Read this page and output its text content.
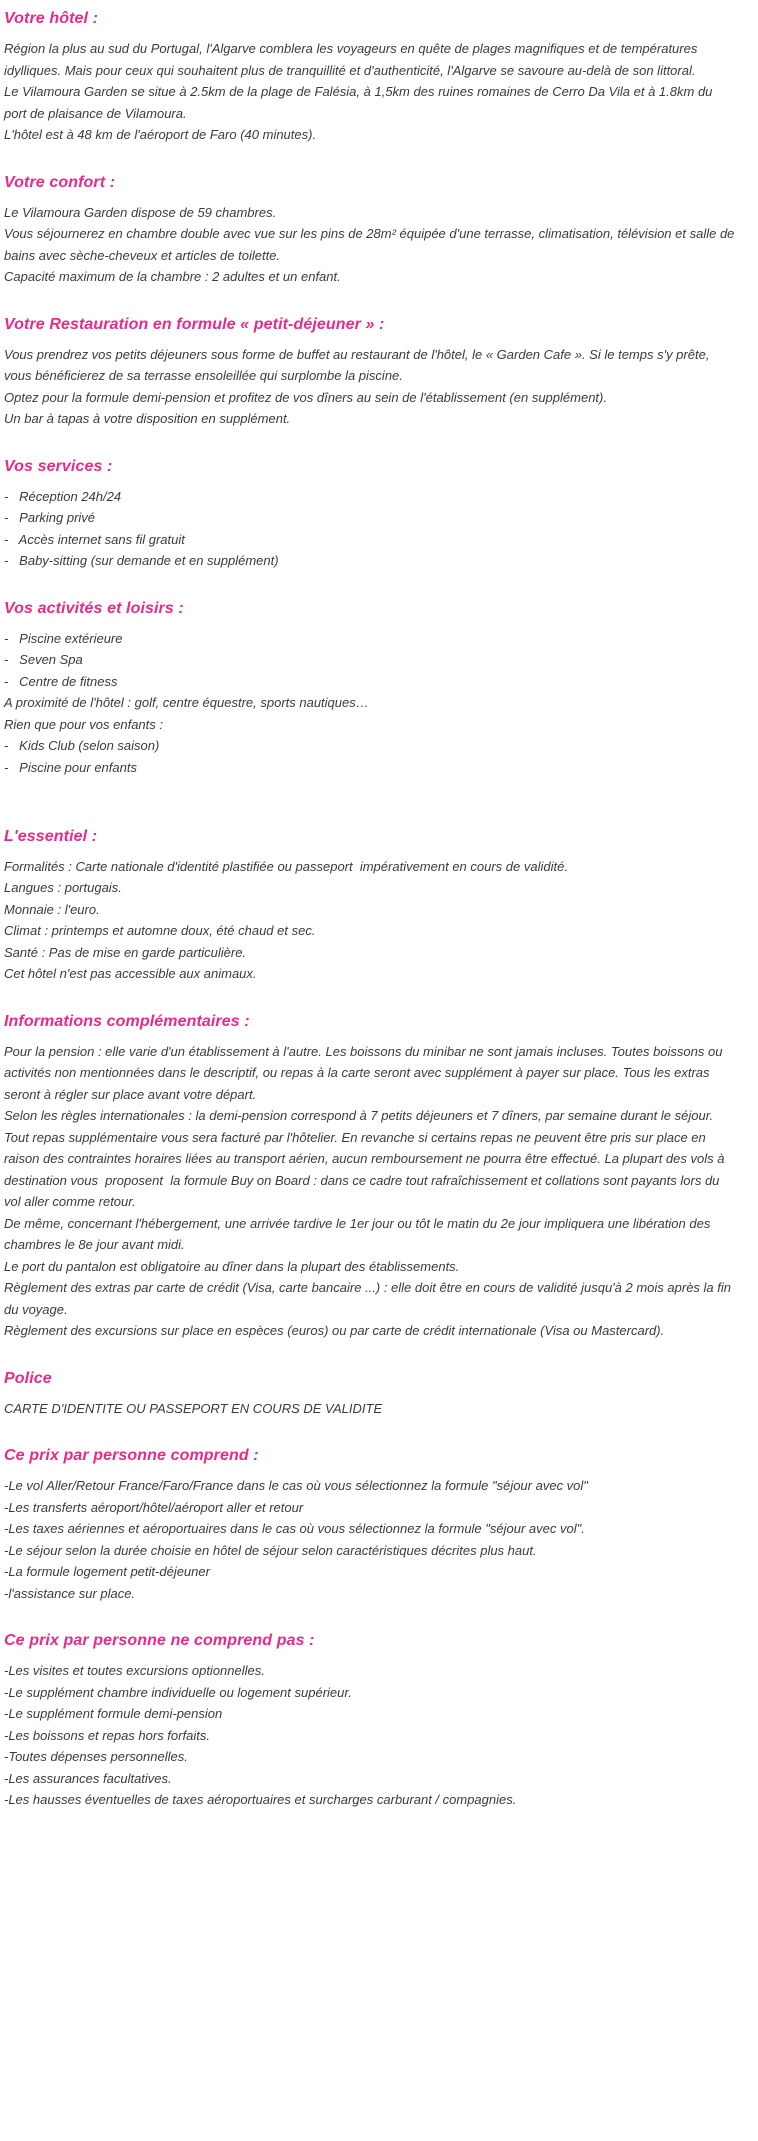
Votre hôtel :

Région la plus au sud du Portugal, l'Algarve comblera les voyageurs en quête de plages magnifiques et de températures idylliques. Mais pour ceux qui souhaitent plus de tranquillité et d'authenticité, l'Algarve se savoure au-delà de son littoral.

Le Vilamoura Garden se situe à 2.5km de la plage de Falésia, à 1,5km des ruines romaines de Cerro Da Vila et à 1.8km du port de plaisance de Vilamoura.

L'hôtel est à 48 km de l'aéroport de Faro (40 minutes).

Votre confort :

Le Vilamoura Garden dispose de 59 chambres.

Vous séjournerez en chambre double avec vue sur les pins de 28m² équipée d'une terrasse, climatisation, télévision et salle de bains avec sèche-cheveux et articles de toilette.

Capacité maximum de la chambre : 2 adultes et un enfant.

Votre Restauration en formule « petit-déjeuner » :

Vous prendrez vos petits déjeuners sous forme de buffet au restaurant de l'hôtel, le « Garden Cafe ». Si le temps s'y prête, vous bénéficierez de sa terrasse ensoleillée qui surplombe la piscine.

Optez pour la formule demi-pension et profitez de vos dîners au sein de l'établissement (en supplément).

Un bar à tapas à votre disposition en supplément.

Vos services :

-   Réception 24h/24

-   Parking privé

-   Accès internet sans fil gratuit

-   Baby-sitting (sur demande et en supplément)

Vos activités et loisirs :

-   Piscine extérieure

-   Seven Spa

-   Centre de fitness

A proximité de l'hôtel : golf, centre équestre, sports nautiques…

Rien que pour vos enfants :

-   Kids Club (selon saison)

-   Piscine pour enfants

L'essentiel :

Formalités : Carte nationale d'identité plastifiée ou passeport  impérativement en cours de validité.

Langues : portugais.

Monnaie : l'euro.

Climat : printemps et automne doux, été chaud et sec.

Santé : Pas de mise en garde particulière.

Cet hôtel n'est pas accessible aux animaux.

Informations complémentaires :

Pour la pension : elle varie d'un établissement à l'autre. Les boissons du minibar ne sont jamais incluses. Toutes boissons ou activités non mentionnées dans le descriptif, ou repas à la carte seront avec supplément à payer sur place. Tous les extras seront à régler sur place avant votre départ.

Selon les règles internationales : la demi-pension correspond à 7 petits déjeuners et 7 dîners, par semaine durant le séjour. Tout repas supplémentaire vous sera facturé par l'hôtelier. En revanche si certains repas ne peuvent être pris sur place en raison des contraintes horaires liées au transport aérien, aucun remboursement ne pourra être effectué. La plupart des vols à destination vous  proposent  la formule Buy on Board : dans ce cadre tout rafraîchissement et collations sont payants lors du vol aller comme retour.

De même, concernant l'hébergement, une arrivée tardive le 1er jour ou tôt le matin du 2e jour impliquera une libération des chambres le 8e jour avant midi.

Le port du pantalon est obligatoire au dîner dans la plupart des établissements.

Règlement des extras par carte de crédit (Visa, carte bancaire ...) : elle doit être en cours de validité jusqu'à 2 mois après la fin du voyage.

Règlement des excursions sur place en espèces (euros) ou par carte de crédit internationale (Visa ou Mastercard).

Police

CARTE D'IDENTITE OU PASSEPORT EN COURS DE VALIDITE

Ce prix par personne comprend :

-Le vol Aller/Retour France/Faro/France dans le cas où vous sélectionnez la formule "séjour avec vol"

-Les transferts aéroport/hôtel/aéroport aller et retour

-Les taxes aériennes et aéroportuaires dans le cas où vous sélectionnez la formule "séjour avec vol".

-Le séjour selon la durée choisie en hôtel de séjour selon caractéristiques décrites plus haut.

-La formule logement petit-déjeuner

-l'assistance sur place.

Ce prix par personne ne comprend pas :

-Les visites et toutes excursions optionnelles.

-Le supplément chambre individuelle ou logement supérieur.

-Le supplément formule demi-pension

-Les boissons et repas hors forfaits.

-Toutes dépenses personnelles.

-Les assurances facultatives.

-Les hausses éventuelles de taxes aéroportuaires et surcharges carburant / compagnies.
